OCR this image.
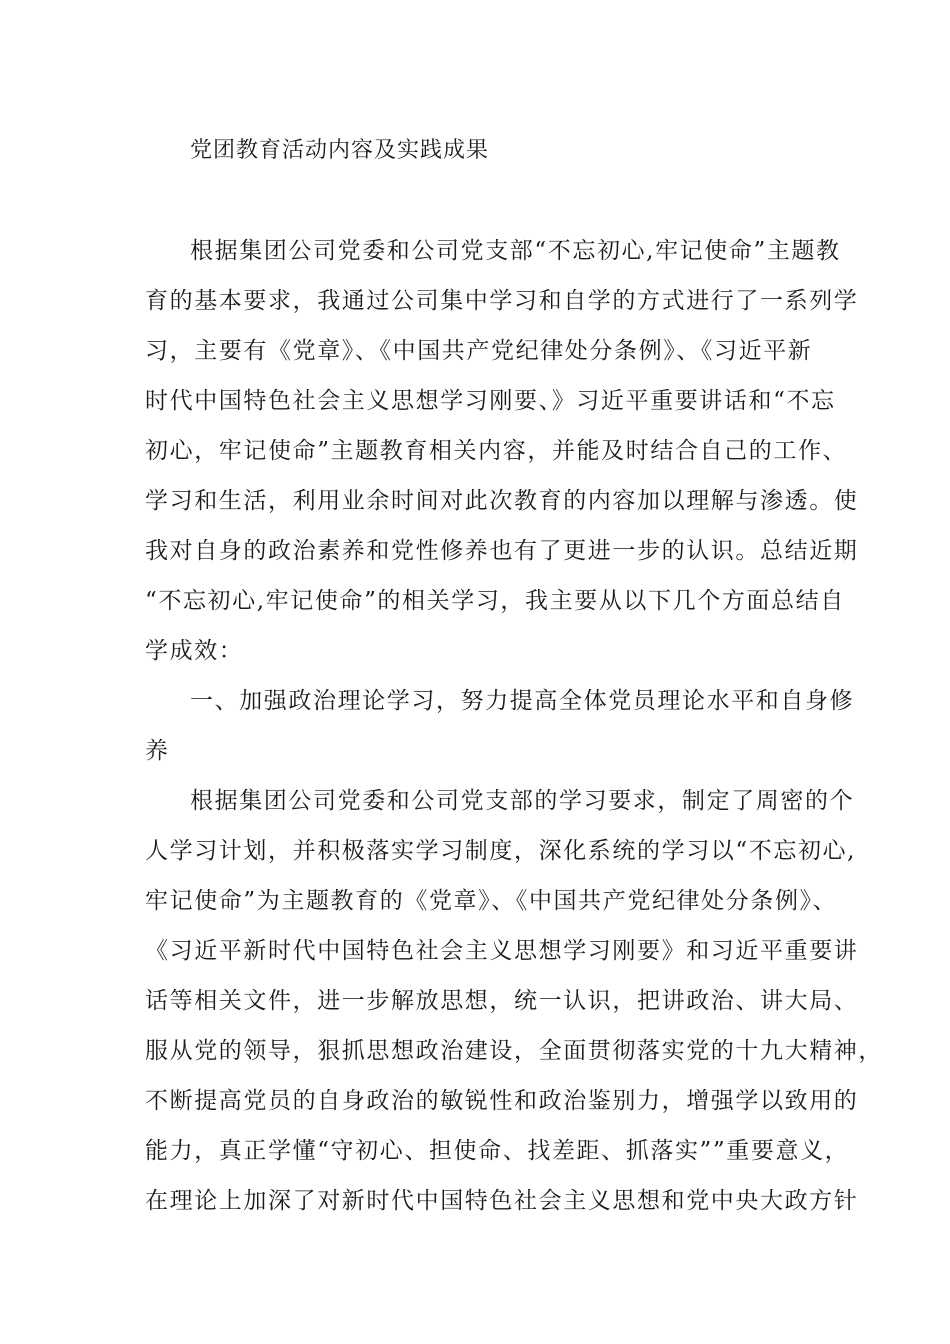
党团教育活动内容及实践成果
根据集团公司党委和公司党支部“不忘初心,牢记使命”主题教
育的基本要求，我通过公司集中学习和自学的方式进行了一系列学
习，主要有《党章》、《中国共产党纪律处分条例》、《习近平新
时代中国特色社会主义思想学习刚要、》习近平重要讲话和“不忘
初心，牢记使命”主题教育相关内容，并能及时结合自己的工作、
学习和生活，利用业余时间对此次教育的内容加以理解与渗透。使
我对自身的政治素养和党性修养也有了更进一步的认识。总结近期
“不忘初心,牢记使命”的相关学习，我主要从以下几个方面总结自
学成效：
一、加强政治理论学习，努力提高全体党员理论水平和自身修
养
根据集团公司党委和公司党支部的学习要求，制定了周密的个
人学习计划，并积极落实学习制度，深化系统的学习以“不忘初心,
牢记使命”为主题教育的《党章》、《中国共产党纪律处分条例》、
《习近平新时代中国特色社会主义思想学习刚要》和习近平重要讲
话等相关文件，进一步解放思想，统一认识，把讲政治、讲大局、
服从党的领导，狠抓思想政治建设，全面贯彻落实党的十九大精神，
不断提高党员的自身政治的敏锐性和政治鉴别力，增强学以致用的
能力，真正学懂“守初心、担使命、找差距、抓落实””重要意义，
在理论上加深了对新时代中国特色社会主义思想和党中央大政方针
